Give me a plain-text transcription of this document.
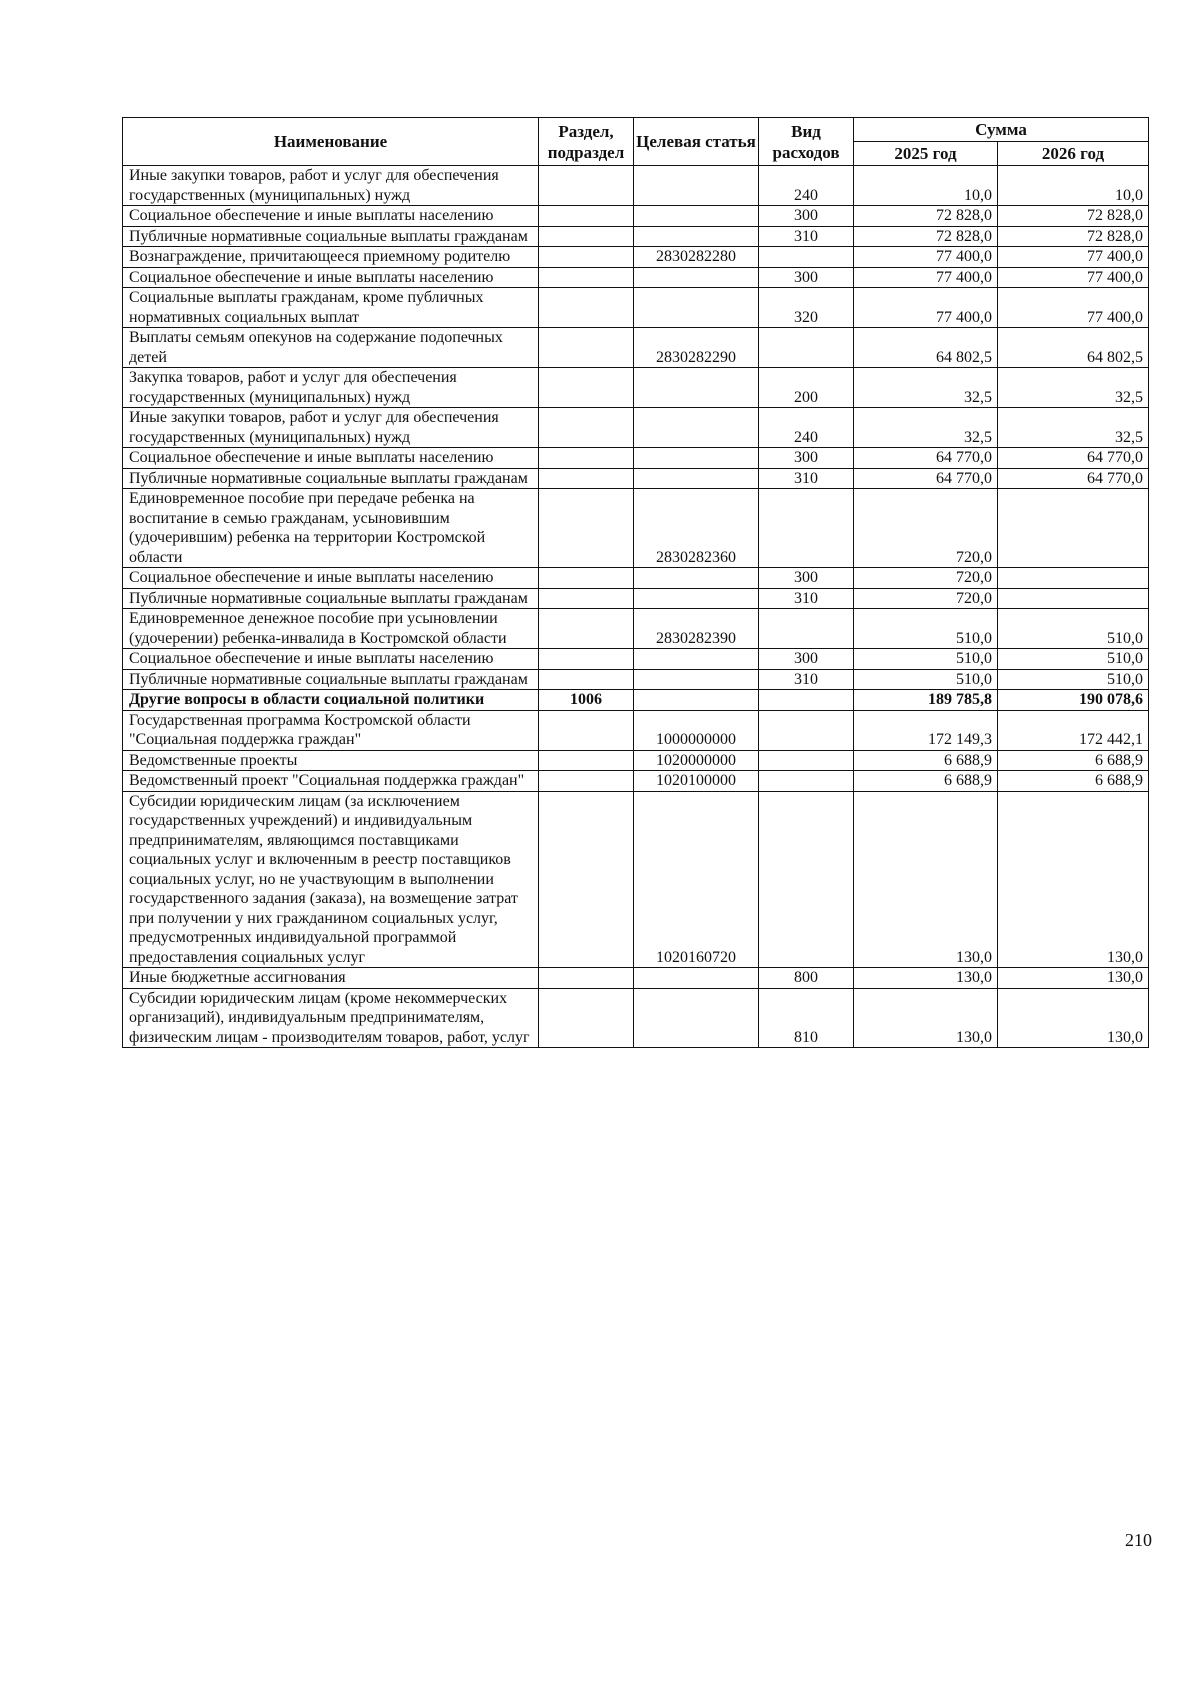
Наименование	Раздел, подраздел	Целевая статья	Вид расходов	Сумма	
				2025 год	2026 год
Иные закупки товаров, работ и услуг для обеспечения государственных (муниципальных) нужд			240	10,0	10,0
Социальное обеспечение и иные выплаты населению			300	72 828,0	72 828,0
Публичные нормативные социальные выплаты гражданам			310	72 828,0	72 828,0
Вознаграждение, причитающееся приемному родителю		2830282280		77 400,0	77 400,0
Социальное обеспечение и иные выплаты населению			300	77 400,0	77 400,0
Социальные выплаты гражданам, кроме публичных нормативных социальных выплат			320	77 400,0	77 400,0
Выплаты семьям опекунов на содержание подопечных детей		2830282290		64 802,5	64 802,5
Закупка товаров, работ и услуг для обеспечения государственных (муниципальных) нужд			200	32,5	32,5
Иные закупки товаров, работ и услуг для обеспечения государственных (муниципальных) нужд			240	32,5	32,5
Социальное обеспечение и иные выплаты населению			300	64 770,0	64 770,0
Публичные нормативные социальные выплаты гражданам			310	64 770,0	64 770,0
Единовременное пособие при передаче ребенка на воспитание в семью гражданам, усыновившим (удочерившим) ребенка на территории Костромской области		2830282360		720,0	
Социальное обеспечение и иные выплаты населению			300	720,0	
Публичные нормативные социальные выплаты гражданам			310	720,0	
Единовременное денежное пособие при усыновлении (удочерении) ребенка-инвалида в Костромской области		2830282390		510,0	510,0
Социальное обеспечение и иные выплаты населению			300	510,0	510,0
Публичные нормативные социальные выплаты гражданам			310	510,0	510,0
Другие вопросы в области социальной политики	1006			189 785,8	190 078,6
Государственная программа Костромской области "Социальная поддержка граждан"		1000000000		172 149,3	172 442,1
Ведомственные проекты		1020000000		6 688,9	6 688,9
Ведомственный проект "Социальная поддержка граждан"		1020100000		6 688,9	6 688,9
Субсидии юридическим лицам (за исключением государственных учреждений) и индивидуальным предпринимателям, являющимся поставщиками социальных услуг и включенным в реестр поставщиков социальных услуг, но не участвующим в выполнении государственного задания (заказа), на возмещение затрат при получении у них гражданином социальных услуг, предусмотренных индивидуальной программой предоставления социальных услуг		1020160720		130,0	130,0
Иные бюджетные ассигнования			800	130,0	130,0
Субсидии юридическим лицам (кроме некоммерческих организаций), индивидуальным предпринимателям, физическим лицам - производителям товаров, работ, услуг			810	130,0	130,0
210
